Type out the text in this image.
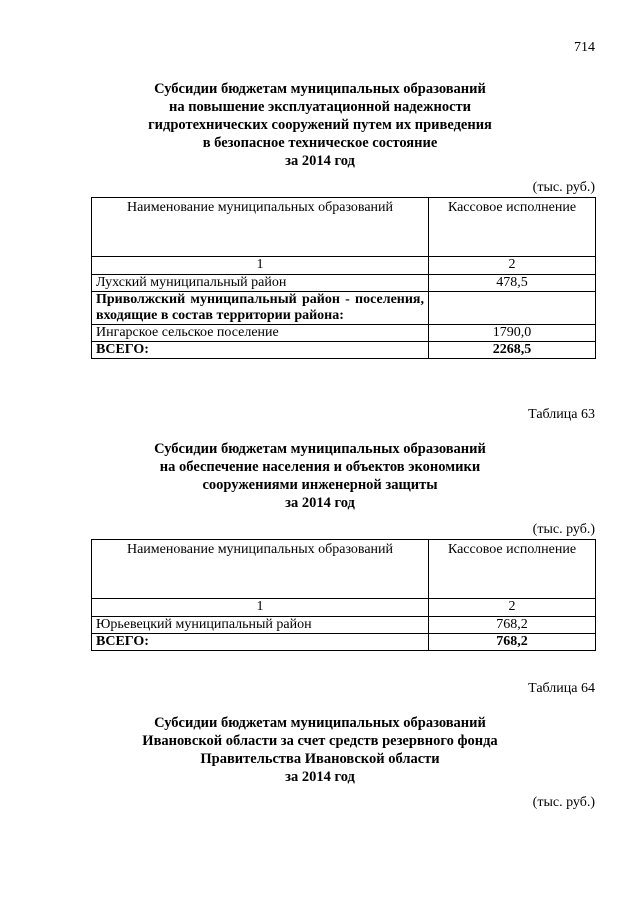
714
Субсидии бюджетам муниципальных образований
на повышение эксплуатационной надежности
гидротехнических сооружений путем их приведения
в безопасное техническое состояние
за 2014 год
(тыс. руб.)
Наименование муниципальных образований	Кассовое исполнение
1	2
Лухский муниципальный район	478,5
Приволжский муниципальный район - поселения, входящие в состав территории района:	
Ингарское сельское поселение	1790,0
ВСЕГО:	2268,5
Таблица 63
Субсидии бюджетам муниципальных образований
на обеспечение населения и объектов экономики
сооружениями инженерной защиты
за 2014 год
(тыс. руб.)
Наименование муниципальных образований	Кассовое исполнение
1	2
Юрьевецкий муниципальный район	768,2
ВСЕГО:	768,2
Таблица 64
Субсидии бюджетам муниципальных образований
Ивановской области за счет средств резервного фонда
Правительства Ивановской области
за 2014 год
(тыс. руб.)
